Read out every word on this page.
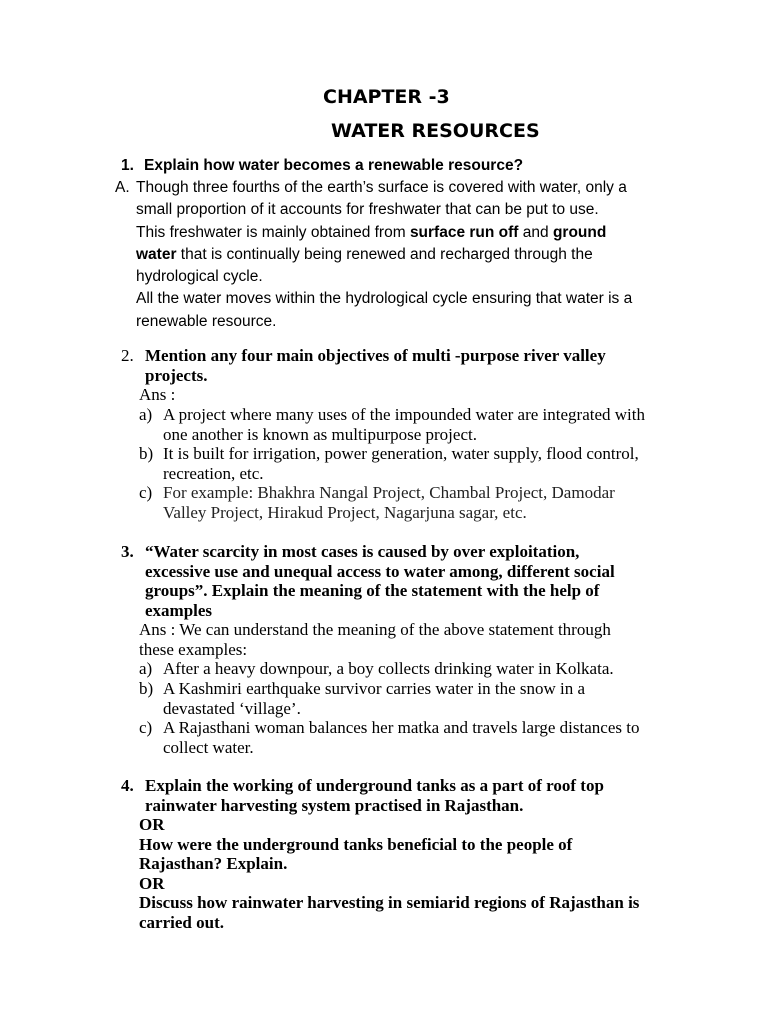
CHAPTER -3
WATER RESOURCES
1. Explain how water becomes a renewable resource?
A. Though three fourths of the earth’s surface is covered with water, only a
small proportion of it accounts for freshwater that can be put to use.
This freshwater is mainly obtained from surface run off and ground
water that is continually being renewed and recharged through the
hydrological cycle.
All the water moves within the hydrological cycle ensuring that water is a
renewable resource.
2. Mention any four main objectives of multi -purpose river valley
projects.
Ans :
a) A project where many uses of the impounded water are integrated with
one another is known as multipurpose project.
b) It is built for irrigation, power generation, water supply, flood control,
recreation, etc.
c) For example: Bhakhra Nangal Project, Chambal Project, Damodar
Valley Project, Hirakud Project, Nagarjuna sagar, etc.
3. “Water scarcity in most cases is caused by over exploitation,
excessive use and unequal access to water among, different social
groups”. Explain the meaning of the statement with the help of
examples
Ans : We can understand the meaning of the above statement through
these examples:
a) After a heavy downpour, a boy collects drinking water in Kolkata.
b) A Kashmiri earthquake survivor carries water in the snow in a
devastated ‘village’.
c) A Rajasthani woman balances her matka and travels large distances to
collect water.
4. Explain the working of underground tanks as a part of roof top
rainwater harvesting system practised in Rajasthan.
OR
How were the underground tanks beneficial to the people of
Rajasthan? Explain.
OR
Discuss how rainwater harvesting in semiarid regions of Rajasthan is
carried out.
